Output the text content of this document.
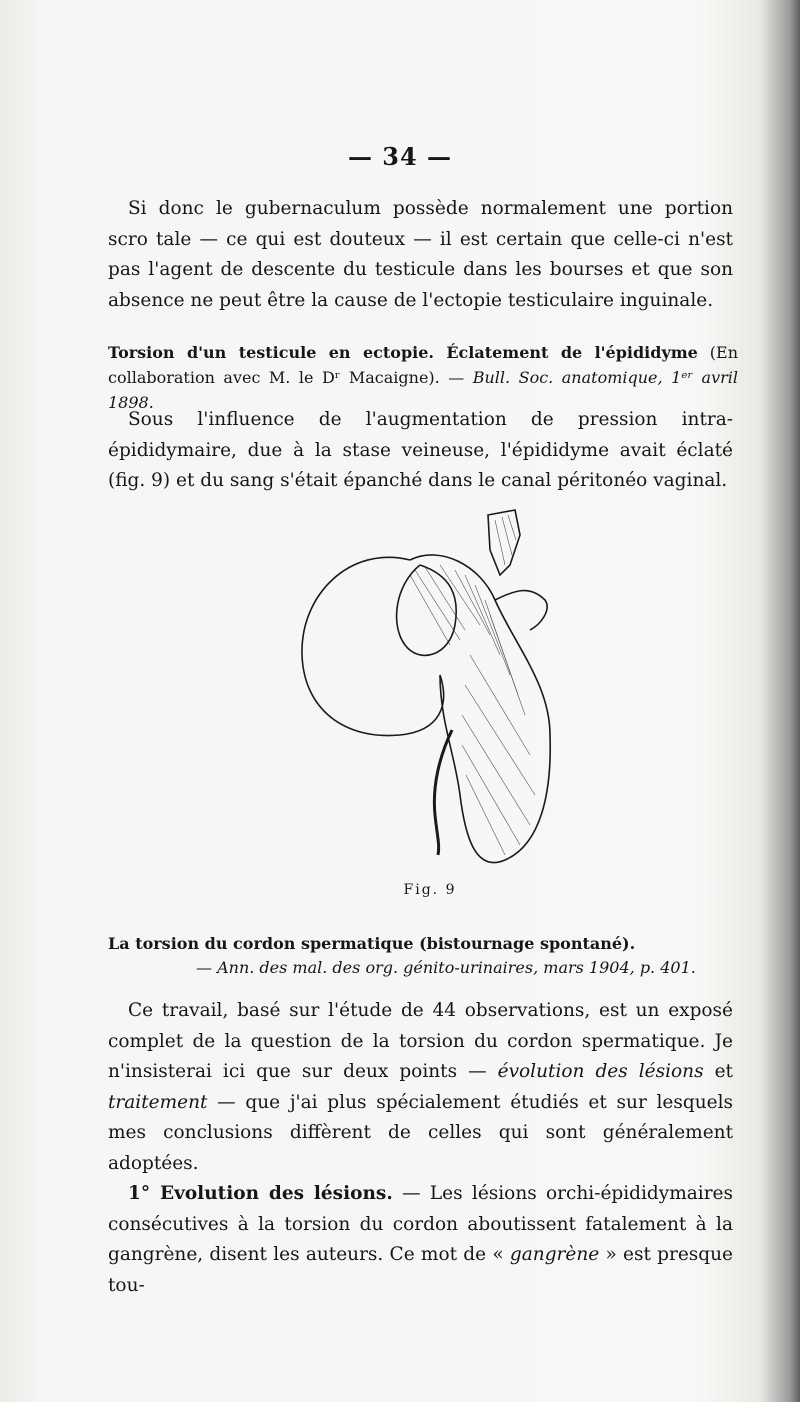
— 34 —

Si donc le gubernaculum possède normalement une portion scro tale — ce qui est douteux — il est certain que celle-ci n'est pas l'agent de descente du testicule dans les bourses et que son absence ne peut être la cause de l'ectopie testiculaire inguinale.

Torsion d'un testicule en ectopie. Éclatement de l'épididyme (En collaboration avec M. le Dʳ Macaigne). — Bull. Soc. anatomique, 1ᵉʳ avril 1898.

Sous l'influence de l'augmentation de pression intra-épididymaire, due à la stase veineuse, l'épididyme avait éclaté (fig. 9) et du sang s'était épanché dans le canal péritonéo vaginal.

Fig. 9
La torsion du cordon spermatique (bistournage spontané).
— Ann. des mal. des org. génito-urinaires, mars 1904, p. 401.

Ce travail, basé sur l'étude de 44 observations, est un exposé complet de la question de la torsion du cordon spermatique. Je n'insisterai ici que sur deux points — évolution des lésions et traitement — que j'ai plus spécialement étudiés et sur lesquels mes conclusions diffèrent de celles qui sont généralement adoptées.

1° Evolution des lésions. — Les lésions orchi-épididymaires consécutives à la torsion du cordon aboutissent fatalement à la gangrène, disent les auteurs. Ce mot de « gangrène » est presque tou-
